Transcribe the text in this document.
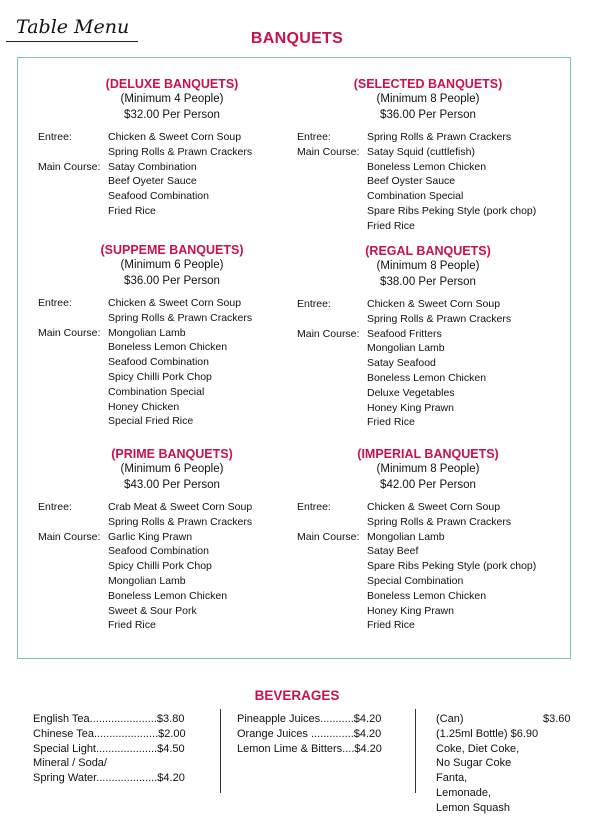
Table Menu
BANQUETS
(DELUXE BANQUETS)
(Minimum 4 People)
$32.00 Per Person
Entree:	Chicken & Sweet Corn Soup
Spring Rolls & Prawn Crackers
Main Course: Satay Combination
Beef Oyeter Sauce
Seafood Combination
Fried Rice
(SELECTED BANQUETS)
(Minimum 8 People)
$36.00 Per Person
Entree:	Spring Rolls & Prawn Crackers
Main Course: Satay Squid (cuttlefish)
Boneless Lemon Chicken
Beef Oyster Sauce
Combination Special
Spare Ribs Peking Style (pork chop)
Fried Rice
(SUPPEME BANQUETS)
(Minimum 6 People)
$36.00 Per Person
Entree:	Chicken & Sweet Corn Soup
Spring Rolls & Prawn Crackers
Main Course: Mongolian Lamb
Boneless Lemon Chicken
Seafood Combination
Spicy Chilli Pork Chop
Combination Special
Honey Chicken
Special Fried Rice
(REGAL BANQUETS)
(Minimum 8 People)
$38.00 Per Person
Entree:	Chicken & Sweet Corn Soup
Spring Rolls & Prawn Crackers
Main Course: Seafood Fritters
Mongolian Lamb
Satay Seafood
Boneless Lemon Chicken
Deluxe Vegetables
Honey King Prawn
Fried Rice
(PRIME BANQUETS)
(Minimum 6 People)
$43.00 Per Person
Entree:	Crab Meat & Sweet Corn Soup
Spring Rolls & Prawn Crackers
Main Course: Garlic King Prawn
Seafood Combination
Spicy Chilli Pork Chop
Mongolian Lamb
Boneless Lemon Chicken
Sweet & Sour Pork
Fried Rice
(IMPERIAL BANQUETS)
(Minimum 8 People)
$42.00 Per Person
Entree:	Chicken & Sweet Corn Soup
Spring Rolls & Prawn Crackers
Main Course: Mongolian Lamb
Satay Beef
Spare Ribs Peking Style (pork chop)
Special Combination
Boneless Lemon Chicken
Honey King Prawn
Fried Rice
BEVERAGES
English Tea......................$3.80
Chinese Tea.....................$2.00
Special Light....................$4.50
Mineral / Soda/
Spring Water....................$4.20
Pineapple Juices...........$4.20
Orange Juices ..............$4.20
Lemon Lime & Bitters....$4.20
(Can)                          $3.60
(1.25ml Bottle) $6.90
Coke, Diet Coke,
No Sugar Coke
Fanta,
Lemonade,
Lemon Squash
